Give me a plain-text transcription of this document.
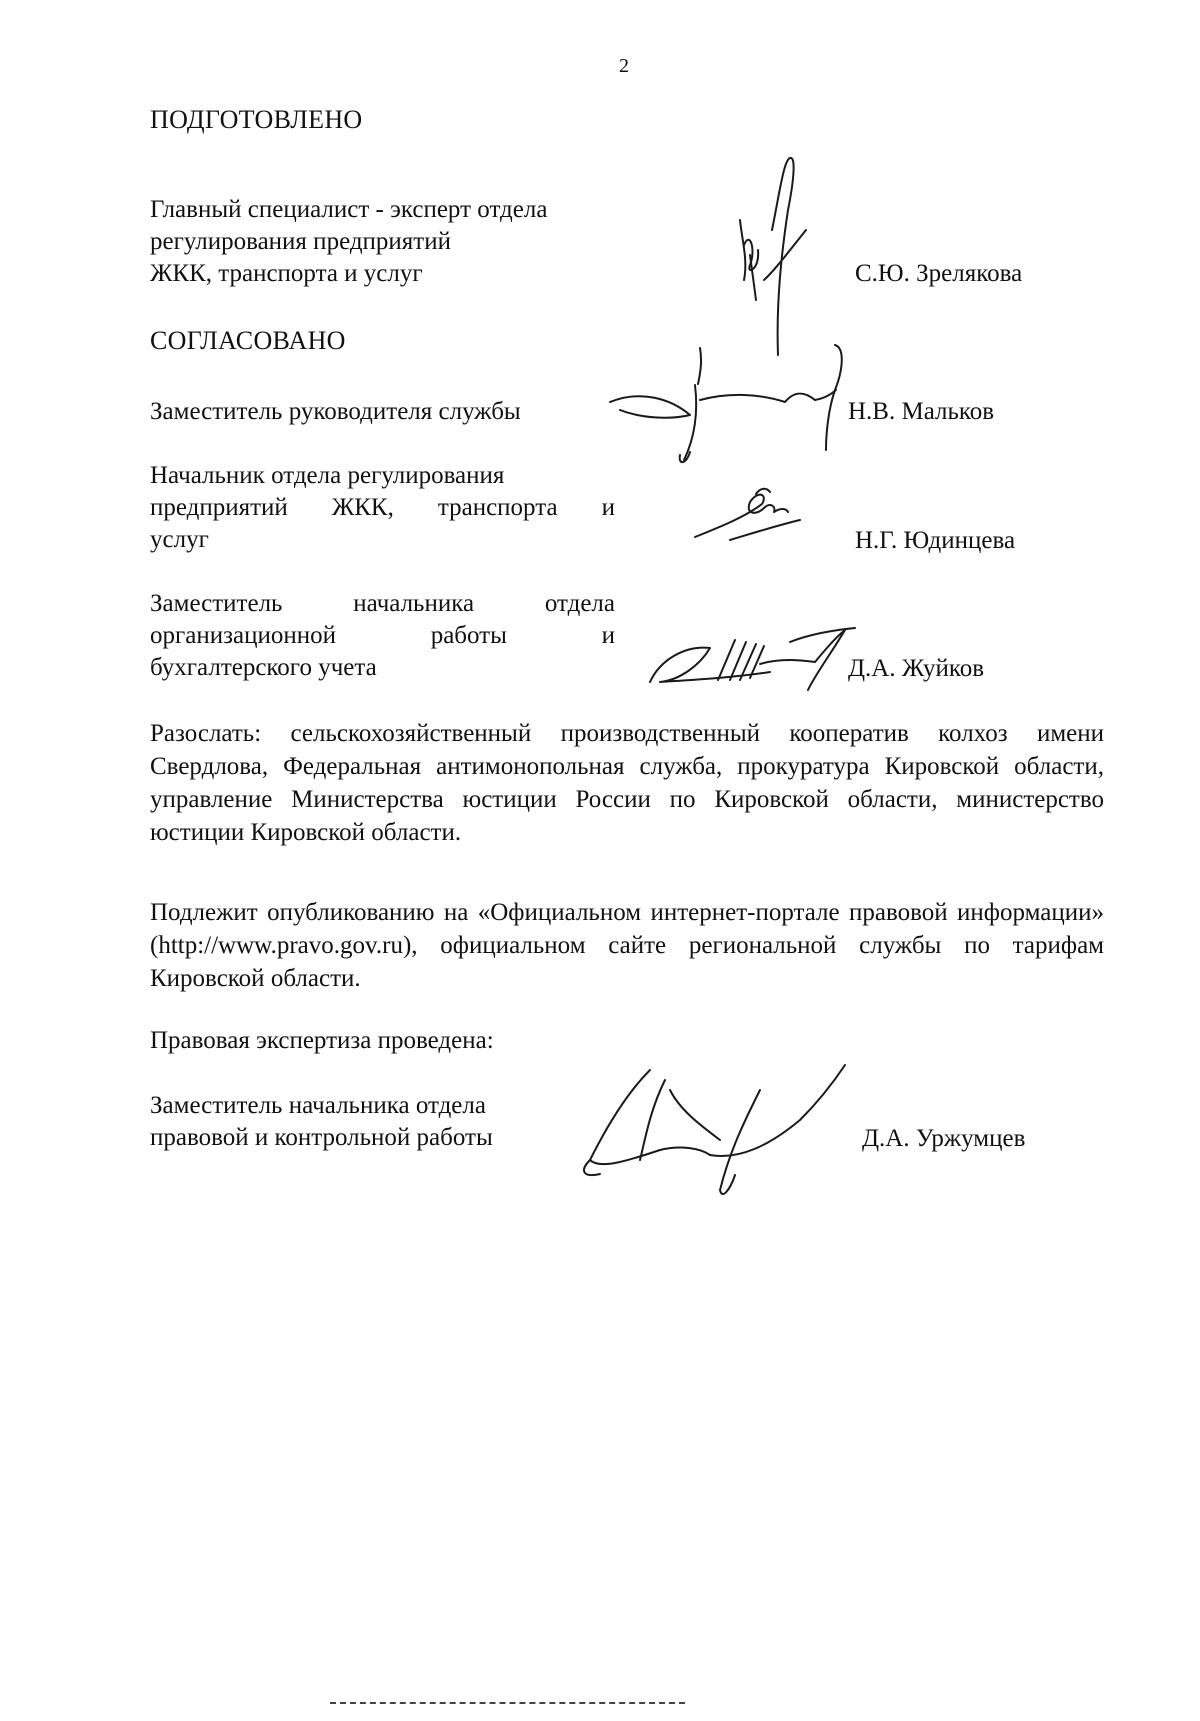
2
ПОДГОТОВЛЕНО
Главный специалист - эксперт отдела
регулирования предприятий
ЖКК, транспорта и услуг	С.Ю. Зрелякова
СОГЛАСОВАНО
Заместитель руководителя службы	Н.В. Мальков
Начальник отдела регулирования
предприятий ЖКК, транспорта и
услуг	Н.Г. Юдинцева
Заместитель	начальника	отдела
организационной	работы	и
бухгалтерского учета	Д.А. Жуйков
Разослать: сельскохозяйственный производственный кооператив колхоз имени Свердлова, Федеральная антимонопольная служба, прокуратура Кировской области, управление Министерства юстиции России по Кировской области, министерство юстиции Кировской области.
Подлежит опубликованию на «Официальном интернет-портале правовой информации» (http://www.pravo.gov.ru), официальном сайте региональной службы по тарифам Кировской области.
Правовая экспертиза проведена:
Заместитель начальника отдела
правовой и контрольной работы	Д.А. Уржумцев
